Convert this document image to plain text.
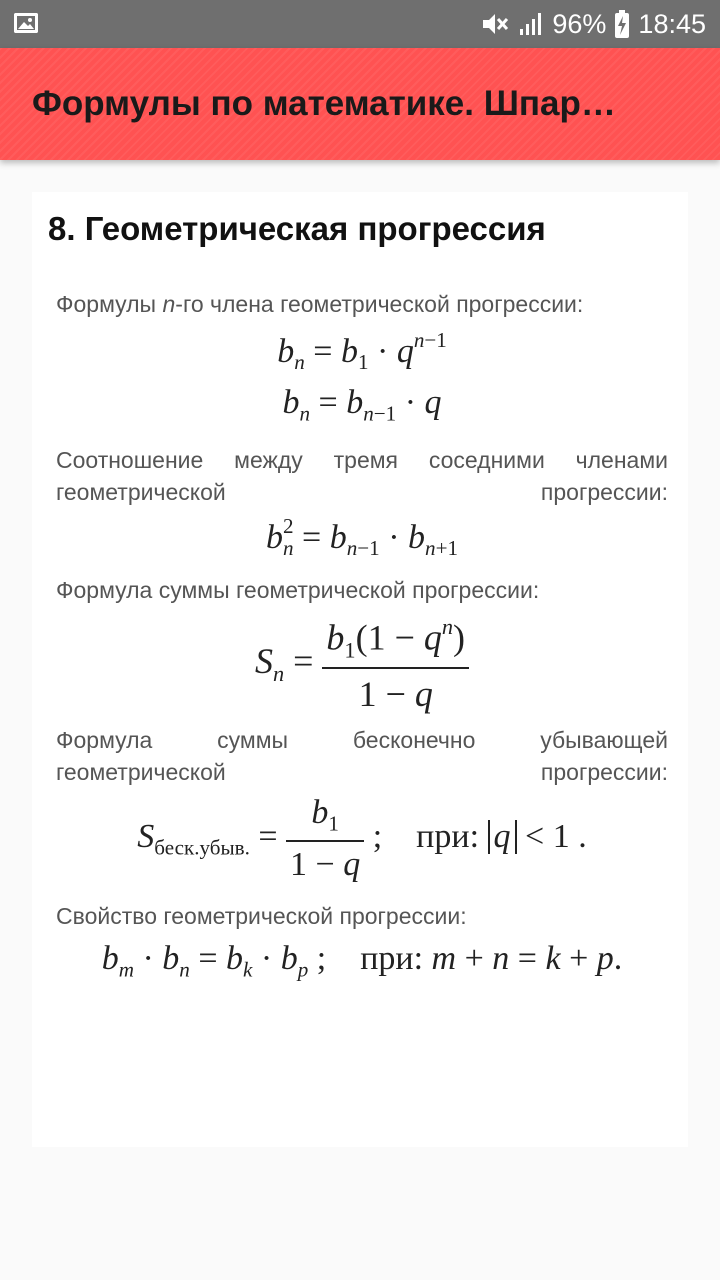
96% 18:45
Формулы по математике. Шпар…
8. Геометрическая прогрессия
Формулы n-го члена геометрической прогрессии:
$b_n = b_1 \cdot q^{n-1}$
$b_n = b_{n-1} \cdot q$
Соотношение между тремя соседними членами геометрической прогрессии:
$b^2_n = b_{n-1} \cdot b_{n+1}$
Формула суммы геометрической прогрессии:
$S_n = \frac{b_1(1 - q^n)}{1 - q}$
Формула суммы бесконечно убывающей геометрической прогрессии:
$S_{беск.убыв.} = \frac{b_1}{1 - q}$ ;    при: q < 1 .
Свойство геометрической прогрессии:
$b_m \cdot b_n = b_k \cdot b_p$ ;    при: m + n = k + p.
